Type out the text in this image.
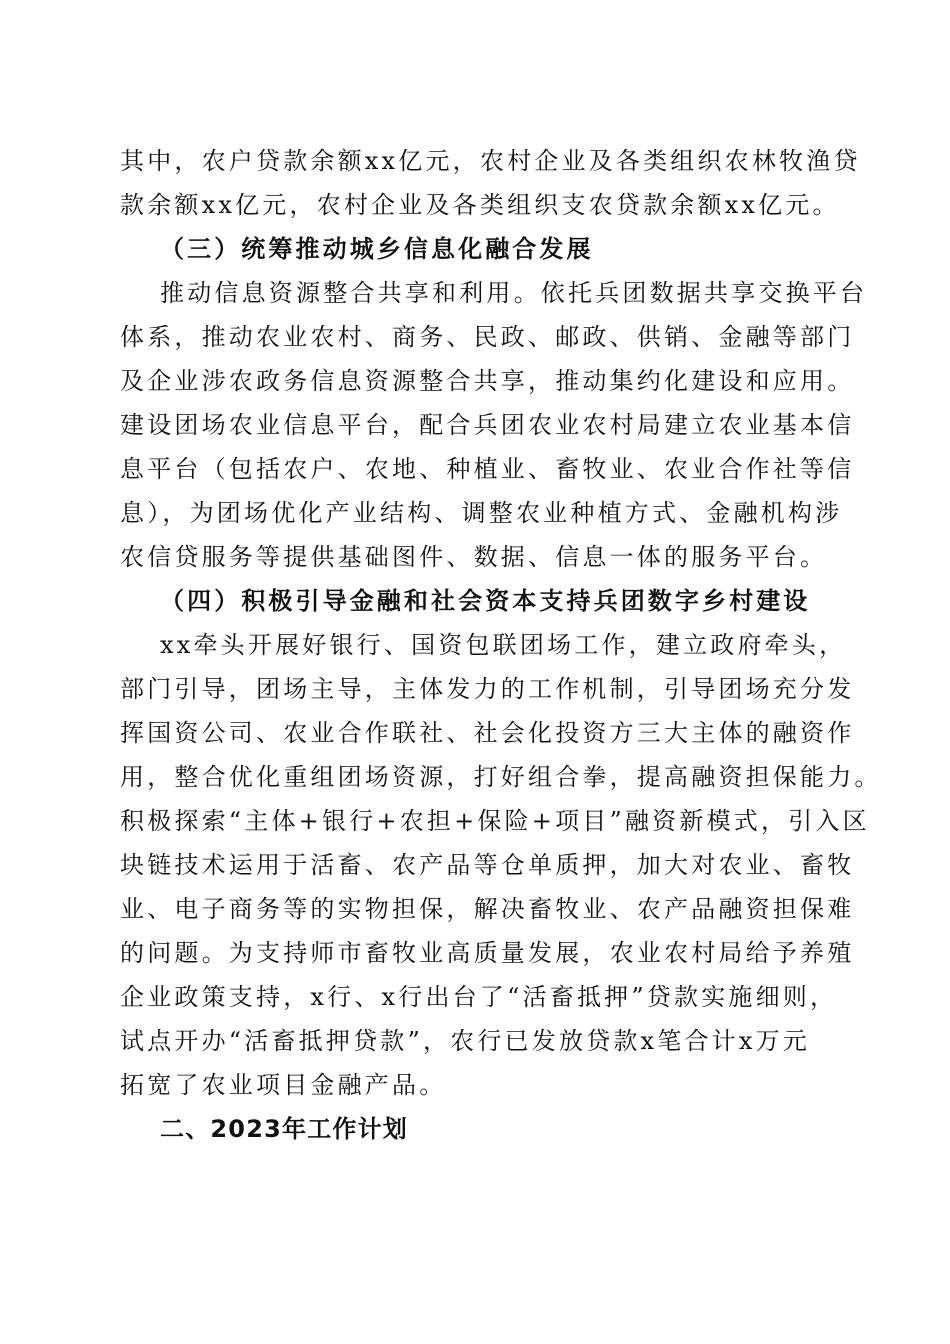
其中，农户贷款余额xx亿元，农村企业及各类组织农林牧渔贷
款余额xx亿元，农村企业及各类组织支农贷款余额xx亿元。
（三）统筹推动城乡信息化融合发展
推动信息资源整合共享和利用。依托兵团数据共享交换平台
体系，推动农业农村、商务、民政、邮政、供销、金融等部门
及企业涉农政务信息资源整合共享，推动集约化建设和应用。
建设团场农业信息平台，配合兵团农业农村局建立农业基本信
息平台（包括农户、农地、种植业、畜牧业、农业合作社等信
息），为团场优化产业结构、调整农业种植方式、金融机构涉
农信贷服务等提供基础图件、数据、信息一体的服务平台。
（四）积极引导金融和社会资本支持兵团数字乡村建设
xx牵头开展好银行、国资包联团场工作，建立政府牵头，
部门引导，团场主导，主体发力的工作机制，引导团场充分发
挥国资公司、农业合作联社、社会化投资方三大主体的融资作
用，整合优化重组团场资源，打好组合拳，提高融资担保能力。
积极探索“主体+银行+农担+保险+项目”融资新模式，引入区
块链技术运用于活畜、农产品等仓单质押，加大对农业、畜牧
业、电子商务等的实物担保，解决畜牧业、农产品融资担保难
的问题。为支持师市畜牧业高质量发展，农业农村局给予养殖
企业政策支持，x行、x行出台了“活畜抵押”贷款实施细则，
试点开办“活畜抵押贷款”，农行已发放贷款x笔合计x万元
拓宽了农业项目金融产品。
二、2023年工作计划
